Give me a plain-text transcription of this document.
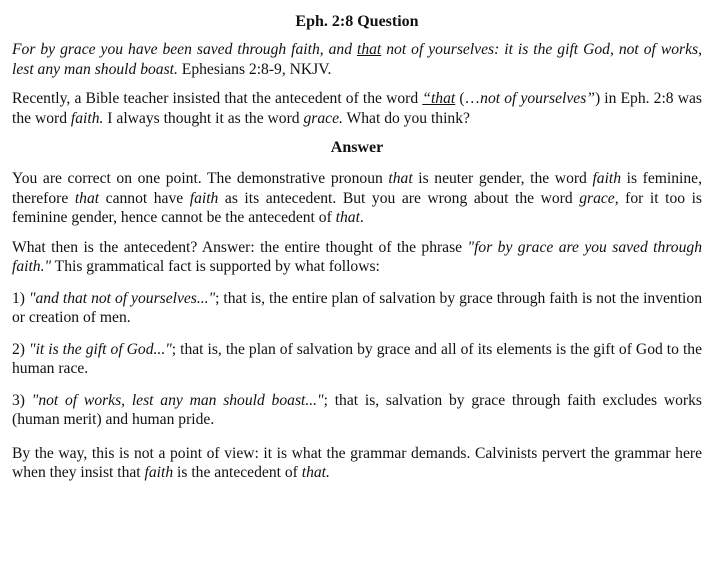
Eph. 2:8 Question

For by grace you have been saved through faith, and that not of yourselves: it is the gift God, not of works, lest any man should boast. Ephesians 2:8-9, NKJV.

Recently, a Bible teacher insisted that the antecedent of the word “that (…not of yourselves”) in Eph. 2:8 was the word faith. I always thought it as the word grace. What do you think?

Answer

You are correct on one point. The demonstrative pronoun that is neuter gender, the word faith is feminine, therefore that cannot have faith as its antecedent. But you are wrong about the word grace, for it too is feminine gender, hence cannot be the antecedent of that.

What then is the antecedent? Answer: the entire thought of the phrase "for by grace are you saved through faith." This grammatical fact is supported by what follows:

1) "and that not of yourselves..."; that is, the entire plan of salvation by grace through faith is not the invention or creation of men.

2) "it is the gift of God..."; that is, the plan of salvation by grace and all of its elements is the gift of God to the human race.

3) "not of works, lest any man should boast..."; that is, salvation by grace through faith excludes works (human merit) and human pride.

By the way, this is not a point of view: it is what the grammar demands. Calvinists pervert the grammar here when they insist that faith is the antecedent of that.
